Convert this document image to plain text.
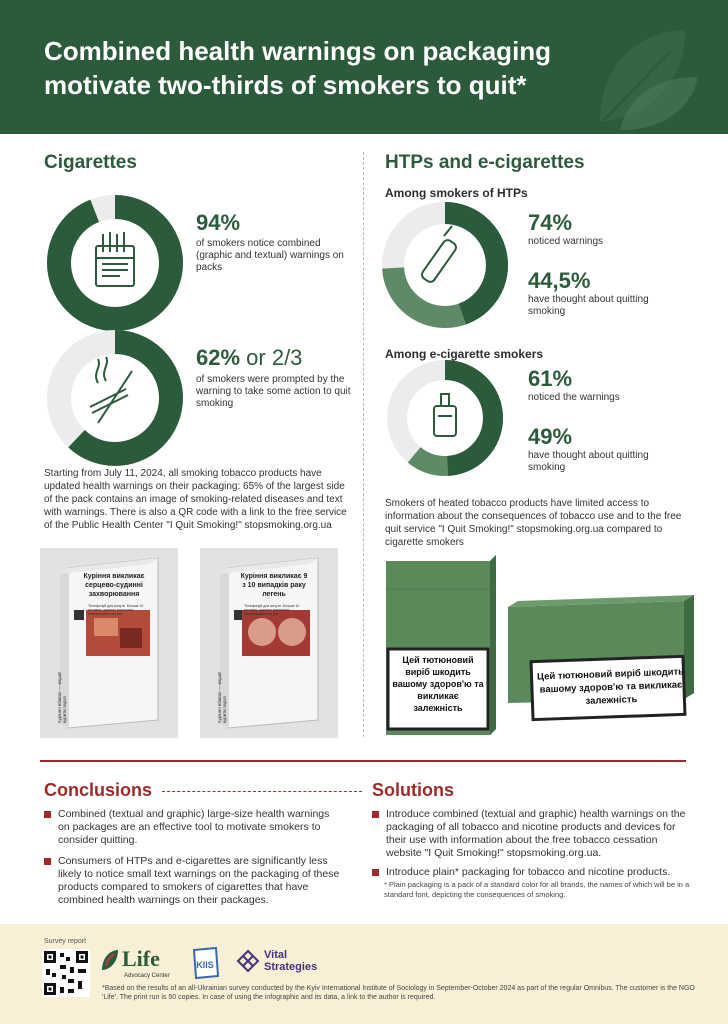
Combined health warnings on packaging motivate two-thirds of smokers to quit*
Cigarettes
94%
of smokers notice combined (graphic and textual) warnings on packs
62% or 2/3
of smokers were prompted by the warning to take some action to quit smoking
Starting from July 11, 2024, all smoking tobacco products have updated health warnings on their packaging: 65% of the largest side of the pack contains an image of smoking-related diseases and text with warnings. There is also a QR code with a link to the free service of the Public Health Center "I Quit Smoking!" stopsmoking.org.ua
Куріння викликає серцево-судинні захворювання
Телефонуй для кинути. Більше 10 речовин, здатних викликати захворювання на рак
Куріння вбиває — кидай курити зараз
Куріння викликає 9 з 10 випадків раку легень
Телефонуй для кинути. Більше 10 речовин, здатних викликати захворювання на рак
Куріння вбиває — кидай курити зараз
HTPs and e-cigarettes
Among smokers of HTPs
74%
noticed warnings
44,5%
have thought about quitting smoking
Among e-cigarette smokers
61%
noticed the warnings
49%
have thought about quitting smoking
Smokers of heated tobacco products have limited access to information about the consequences of tobacco use and to the free quit service "I Quit Smoking!" stopsmoking.org.ua compared to cigarette smokers
Цей тютюновий виріб шкодить вашому здоров'ю та викликає залежність
Цей тютюновий виріб шкодить вашому здоров'ю та викликає залежність
Conclusions	Solutions
Combined (textual and graphic) large-size health warnings on packages are an effective tool to motivate smokers to consider quitting.
Consumers of HTPs and e-cigarettes are significantly less likely to notice small text warnings on the packaging of these products compared to smokers of cigarettes that have combined health warnings on their packages.
Introduce combined (textual and graphic) health warnings on the packaging of all tobacco and nicotine products and devices for their use with information about the free tobacco cessation website "I Quit Smoking!" stopsmoking.org.ua.
Introduce plain* packaging for tobacco and nicotine products.
* Plain packaging is a pack of a standard color for all brands, the names of which will be in a standard font, depicting the consequences of smoking.
Survey report
Life
Advocacy Center
KIIS
Vital Strategies
*Based on the results of an all-Ukrainian survey conducted by the Kyiv International Institute of Sociology in September-October 2024 as part of the regular Omnibus. The customer is the NGO 'Life'. The print run is 50 copies. In case of using the infographic and its data, a link to the author is required.
